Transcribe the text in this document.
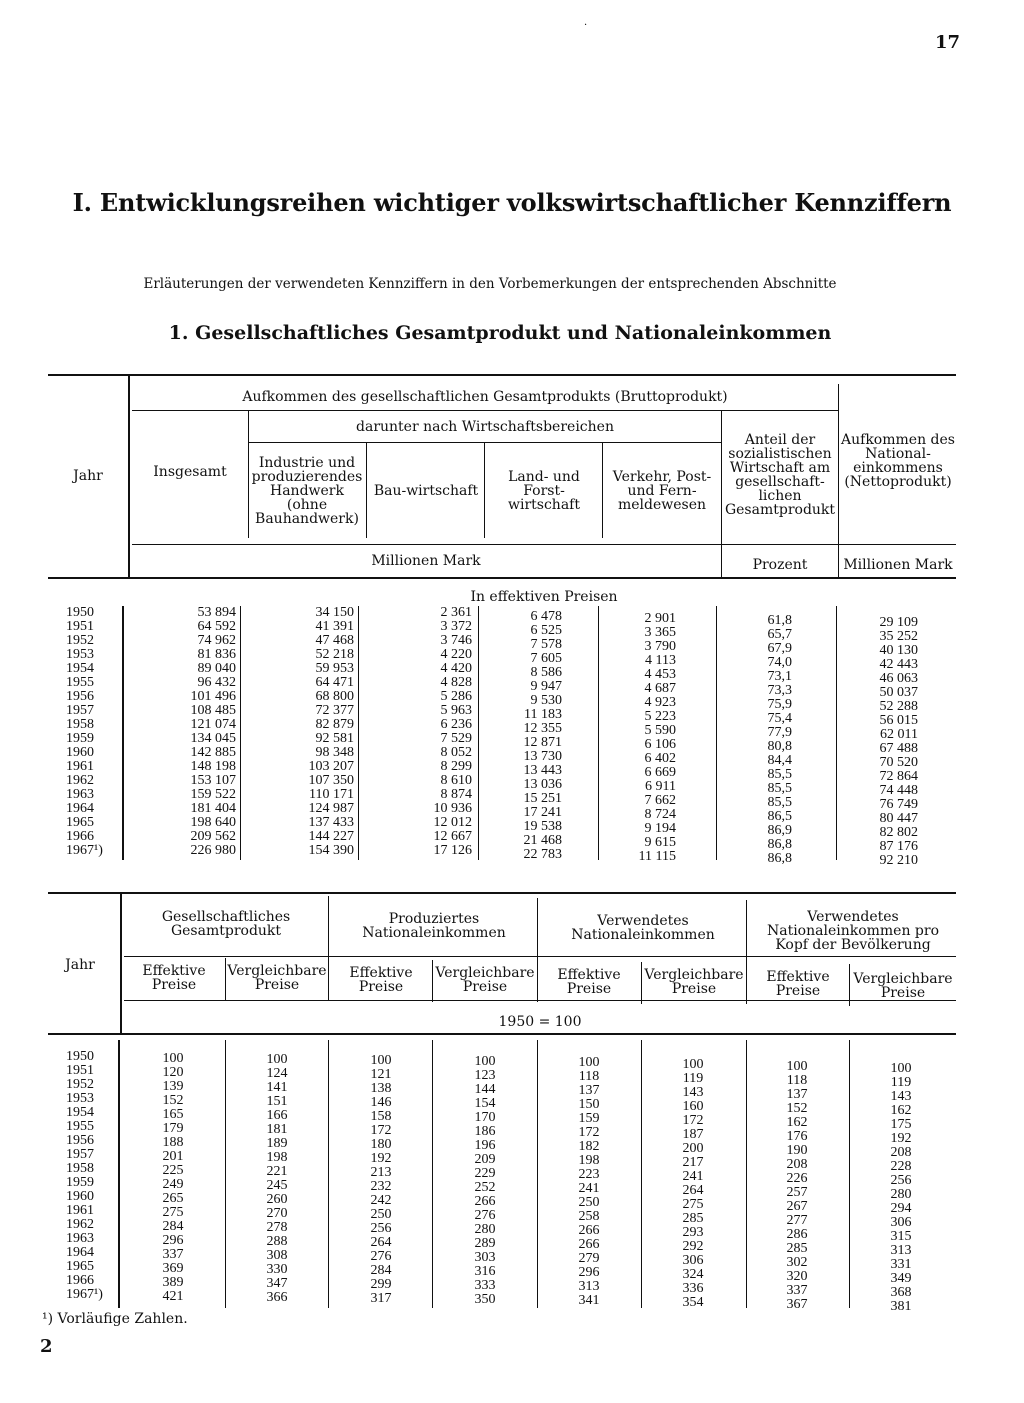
·
17
I. Entwicklungsreihen wichtiger volkswirtschaftlicher Kennziffern
Erläuterungen der verwendeten Kennziffern in den Vorbemerkungen der entsprechenden Abschnitte
1. Gesellschaftliches Gesamtprodukt und Nationaleinkommen
Jahr
Aufkommen des gesellschaftlichen Gesamtprodukts (Bruttoprodukt)
darunter nach Wirtschaftsbereichen
Insgesamt
Industrie und produzierendes Handwerk (ohne Bauhandwerk)
Bau-wirtschaft
Land- und Forst-wirtschaft
Verkehr, Post- und Fern-meldewesen
Anteil der sozialistischen Wirtschaft am gesellschaft-lichen Gesamtprodukt
Aufkommen des National-einkommens (Nettoprodukt)
Millionen Mark	Prozent	Millionen Mark
In effektiven Preisen
1950
1951
1952
1953
1954
1955
1956
1957
1958
1959
1960
1961
1962
1963
1964
1965
1966
1967¹)
53 894
64 592
74 962
81 836
89 040
96 432
101 496
108 485
121 074
134 045
142 885
148 198
153 107
159 522
181 404
198 640
209 562
226 980
34 150
41 391
47 468
52 218
59 953
64 471
68 800
72 377
82 879
92 581
98 348
103 207
107 350
110 171
124 987
137 433
144 227
154 390
2 361
3 372
3 746
4 220
4 420
4 828
5 286
5 963
6 236
7 529
8 052
8 299
8 610
8 874
10 936
12 012
12 667
17 126
6 478
6 525
7 578
7 605
8 586
9 947
9 530
11 183
12 355
12 871
13 730
13 443
13 036
15 251
17 241
19 538
21 468
22 783
2 901
3 365
3 790
4 113
4 453
4 687
4 923
5 223
5 590
6 106
6 402
6 669
6 911
7 662
8 724
9 194
9 615
11 115
61,8
65,7
67,9
74,0
73,1
73,3
75,9
75,4
77,9
80,8
84,4
85,5
85,5
85,5
86,5
86,9
86,8
86,8
29 109
35 252
40 130
42 443
46 063
50 037
52 288
56 015
62 011
67 488
70 520
72 864
74 448
76 749
80 447
82 802
87 176
92 210
Jahr
Gesellschaftliches Gesamtprodukt
Produziertes Nationaleinkommen
Verwendetes Nationaleinkommen
Verwendetes Nationaleinkommen pro Kopf der Bevölkerung
Effektive Preise
Vergleichbare Preise
Effektive Preise
Vergleichbare Preise
Effektive Preise
Vergleichbare Preise
Effektive Preise
Vergleichbare Preise
1950 = 100
1950
1951
1952
1953
1954
1955
1956
1957
1958
1959
1960
1961
1962
1963
1964
1965
1966
1967¹)
100
120
139
152
165
179
188
201
225
249
265
275
284
296
337
369
389
421
100
124
141
151
166
181
189
198
221
245
260
270
278
288
308
330
347
366
100
121
138
146
158
172
180
192
213
232
242
250
256
264
276
284
299
317
100
123
144
154
170
186
196
209
229
252
266
276
280
289
303
316
333
350
100
118
137
150
159
172
182
198
223
241
250
258
266
266
279
296
313
341
100
119
143
160
172
187
200
217
241
264
275
285
293
292
306
324
336
354
100
118
137
152
162
176
190
208
226
257
267
277
286
285
302
320
337
367
100
119
143
162
175
192
208
228
256
280
294
306
315
313
331
349
368
381
¹) Vorläufige Zahlen.
2
